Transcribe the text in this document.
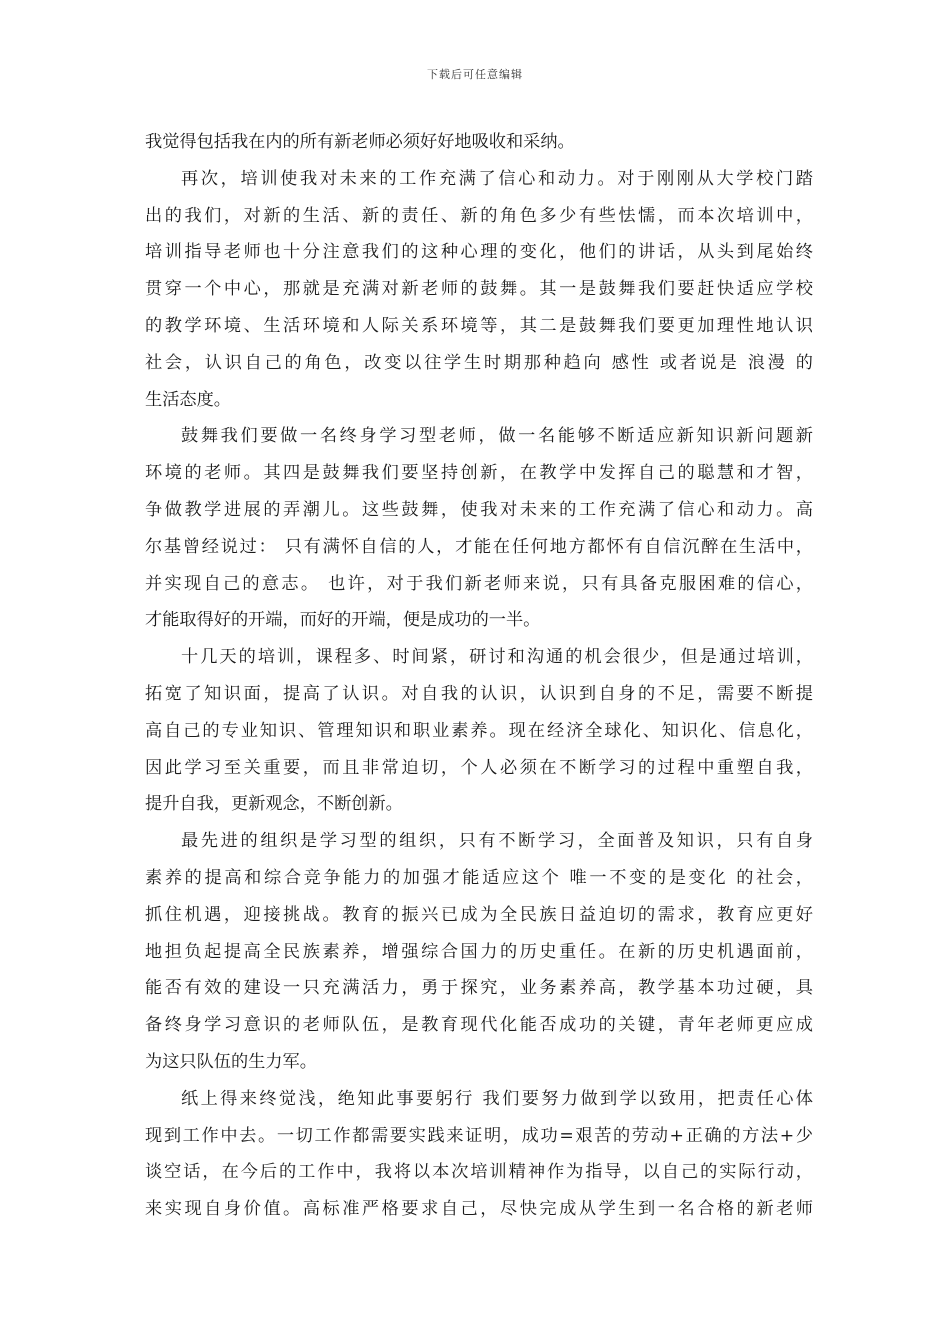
下载后可任意编辑
我觉得包括我在内的所有新老师必须好好地吸收和采纳。
再次，培训使我对未来的工作充满了信心和动力。对于刚刚从大学校门踏
出的我们，对新的生活、新的责任、新的角色多少有些怯懦，而本次培训中，
培训指导老师也十分注意我们的这种心理的变化，他们的讲话，从头到尾始终
贯穿一个中心，那就是充满对新老师的鼓舞。其一是鼓舞我们要赶快适应学校
的教学环境、生活环境和人际关系环境等，其二是鼓舞我们要更加理性地认识
社会，认识自己的角色，改变以往学生时期那种趋向 感性 或者说是 浪漫 的
生活态度。
鼓舞我们要做一名终身学习型老师，做一名能够不断适应新知识新问题新
环境的老师。其四是鼓舞我们要坚持创新，在教学中发挥自己的聪慧和才智，
争做教学进展的弄潮儿。这些鼓舞，使我对未来的工作充满了信心和动力。高
尔基曾经说过： 只有满怀自信的人，才能在任何地方都怀有自信沉醉在生活中，
并实现自己的意志。 也许，对于我们新老师来说，只有具备克服困难的信心，
才能取得好的开端，而好的开端，便是成功的一半。
十几天的培训，课程多、时间紧，研讨和沟通的机会很少，但是通过培训，
拓宽了知识面，提高了认识。对自我的认识，认识到自身的不足，需要不断提
高自己的专业知识、管理知识和职业素养。现在经济全球化、知识化、信息化，
因此学习至关重要，而且非常迫切，个人必须在不断学习的过程中重塑自我，
提升自我，更新观念，不断创新。
最先进的组织是学习型的组织，只有不断学习，全面普及知识，只有自身
素养的提高和综合竞争能力的加强才能适应这个 唯一不变的是变化 的社会，
抓住机遇，迎接挑战。教育的振兴已成为全民族日益迫切的需求，教育应更好
地担负起提高全民族素养，增强综合国力的历史重任。在新的历史机遇面前，
能否有效的建设一只充满活力，勇于探究，业务素养高，教学基本功过硬，具
备终身学习意识的老师队伍，是教育现代化能否成功的关键，青年老师更应成
为这只队伍的生力军。
纸上得来终觉浅，绝知此事要躬行 我们要努力做到学以致用，把责任心体
现到工作中去。一切工作都需要实践来证明，成功=艰苦的劳动+正确的方法+少
谈空话，在今后的工作中，我将以本次培训精神作为指导，以自己的实际行动，
来实现自身价值。高标准严格要求自己，尽快完成从学生到一名合格的新老师
